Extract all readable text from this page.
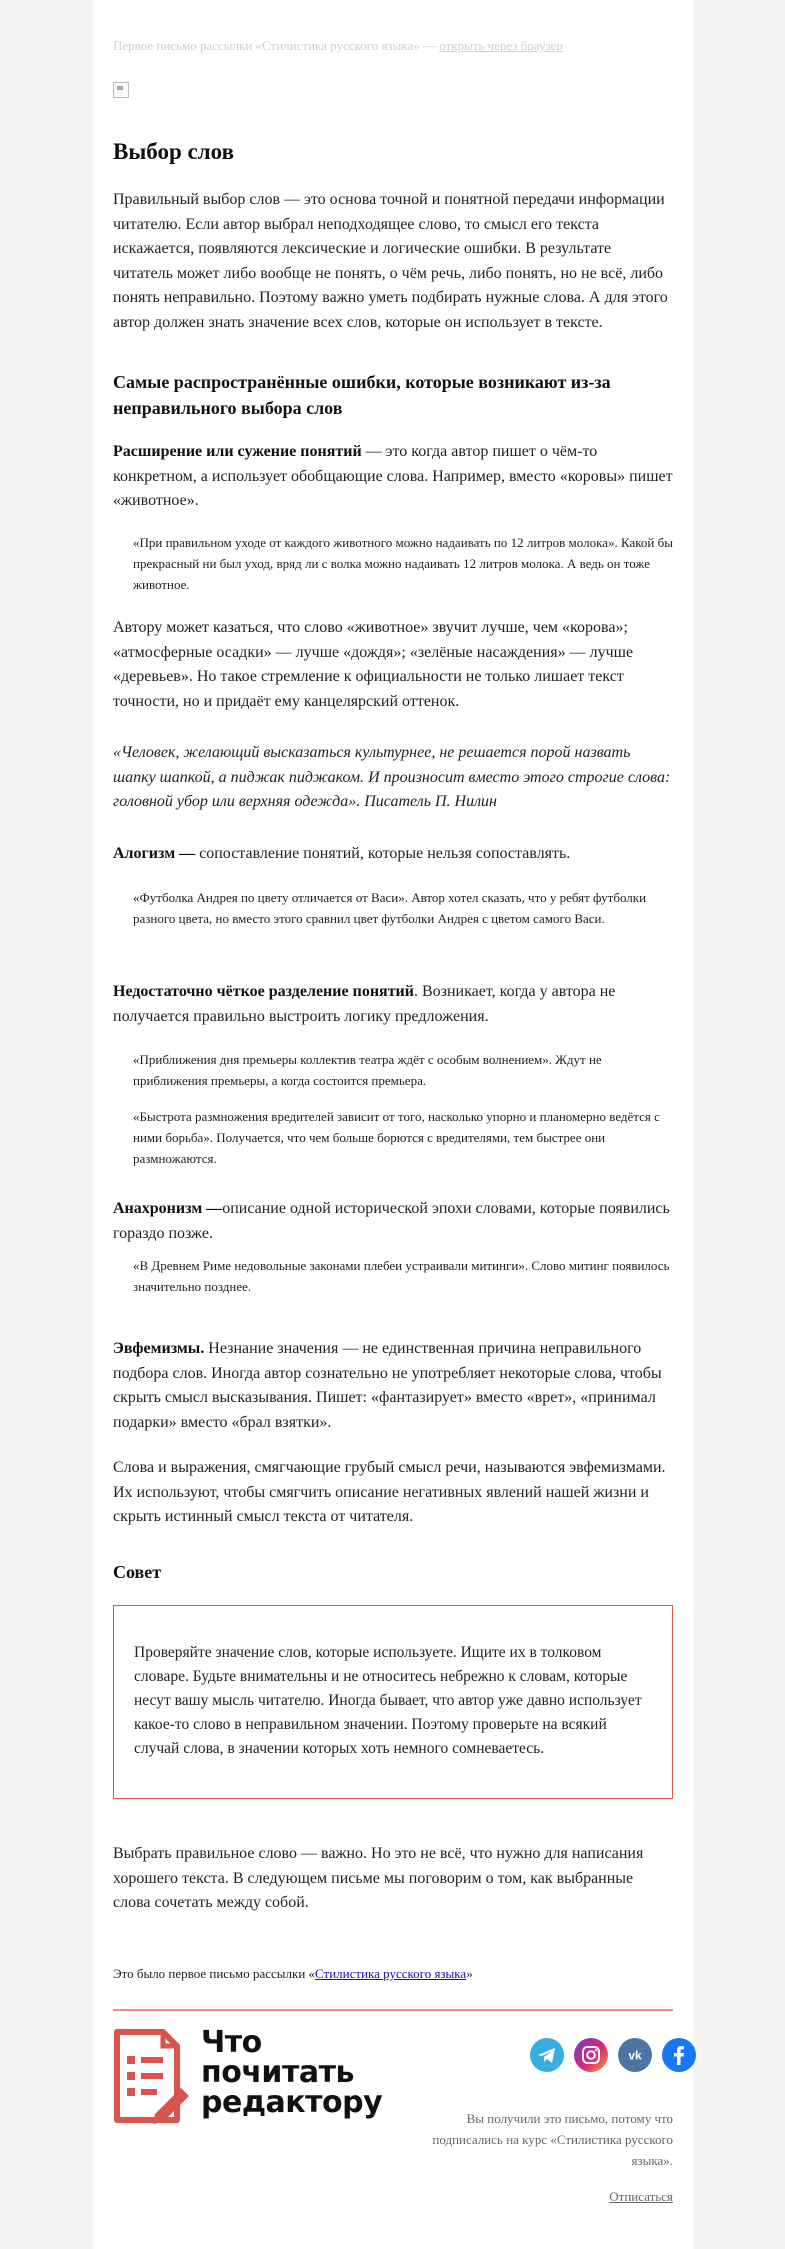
Первое письмо рассылки «Стилистика русского языка» — открыть через браузер
Выбор слов

Правильный выбор слов — это основа точной и понятной передачи информации читателю. Если автор выбрал неподходящее слово, то смысл его текста искажается, появляются лексические и логические ошибки. В результате читатель может либо вообще не понять, о чём речь, либо понять, но не всё, либо понять неправильно. Поэтому важно уметь подбирать нужные слова. А для этого автор должен знать значение всех слов, которые он использует в тексте.

Самые распространённые ошибки, которые возникают из-за неправильного выбора слов

Расширение или сужение понятий — это когда автор пишет о чём-то конкретном, а использует обобщающие слова. Например, вместо «коровы» пишет «животное».

«При правильном уходе от каждого животного можно надаивать по 12 литров молока». Какой бы прекрасный ни был уход, вряд ли с волка можно надаивать 12 литров молока. А ведь он тоже животное.

Автору может казаться, что слово «животное» звучит лучше, чем «корова»; «атмосферные осадки» — лучше «дождя»; «зелёные насаждения» — лучше «деревьев». Но такое стремление к официальности не только лишает текст точности, но и придаёт ему канцелярский оттенок.

«Человек, желающий высказаться культурнее, не решается порой назвать шапку шапкой, а пиджак пиджаком. И произносит вместо этого строгие слова: головной убор или верхняя одежда». Писатель П. Нилин

Алогизм — сопоставление понятий, которые нельзя сопоставлять.

«Футболка Андрея по цвету отличается от Васи». Автор хотел сказать, что у ребят футболки разного цвета, но вместо этого сравнил цвет футболки Андрея с цветом самого Васи.

Недостаточно чёткое разделение понятий. Возникает, когда у автора не получается правильно выстроить логику предложения.

«Приближения дня премьеры коллектив театра ждёт с особым волнением». Ждут не приближения премьеры, а когда состоится премьера.

«Быстрота размножения вредителей зависит от того, насколько упорно и планомерно ведётся с ними борьба». Получается, что чем больше борются с вредителями, тем быстрее они размножаются.

Анахронизм —описание одной исторической эпохи словами, которые появились гораздо позже.

«В Древнем Риме недовольные законами плебеи устраивали митинги». Слово митинг появилось значительно позднее.

Эвфемизмы. Незнание значения — не единственная причина неправильного подбора слов. Иногда автор сознательно не употребляет некоторые слова, чтобы скрыть смысл высказывания. Пишет: «фантазирует» вместо «врет», «принимал подарки» вместо «брал взятки».

Слова и выражения, смягчающие грубый смысл речи, называются эвфемизмами. Их используют, чтобы смягчить описание негативных явлений нашей жизни и скрыть истинный смысл текста от читателя.

Совет

Проверяйте значение слов, которые используете. Ищите их в толковом словаре. Будьте внимательны и не относитесь небрежно к словам, которые несут вашу мысль читателю. Иногда бывает, что автор уже давно использует какое-то слово в неправильном значении. Поэтому проверьте на всякий случай слова, в значении которых хоть немного сомневаетесь.

Выбрать правильное слово — важно. Но это не всё, что нужно для написания хорошего текста. В следующем письме мы поговорим о том, как выбранные слова сочетать между собой.

Это было первое письмо рассылки «Стилистика русского языка»

Что
почитать
редактору
vk
Вы получили это письмо, потому что подписались на курс «Стилистика русского языка».
Отписаться
